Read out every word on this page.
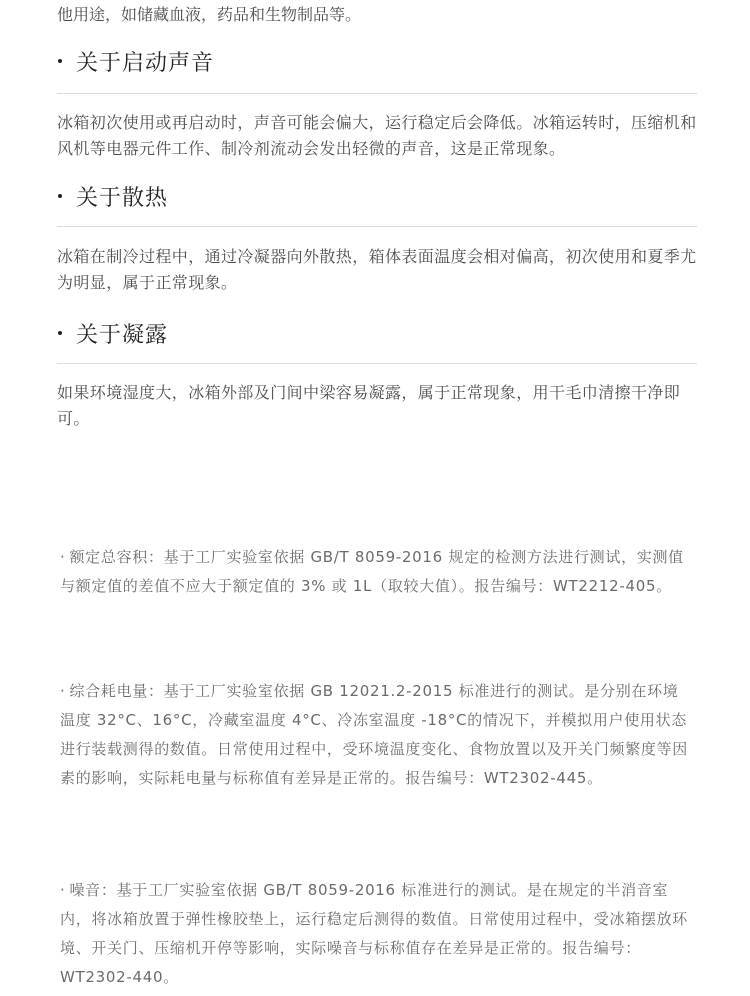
他用途，如储藏血液，药品和生物制品等。
关于启动声音
冰箱初次使用或再启动时，声音可能会偏大，运行稳定后会降低。冰箱运转时，压缩机和风机等电器元件工作、制冷剂流动会发出轻微的声音，这是正常现象。
关于散热
冰箱在制冷过程中，通过冷凝器向外散热，箱体表面温度会相对偏高，初次使用和夏季尤为明显，属于正常现象。
关于凝露
如果环境湿度大，冰箱外部及门间中梁容易凝露，属于正常现象，用干毛巾清擦干净即可。
· 额定总容积：基于工厂实验室依据 GB/T 8059-2016 规定的检测方法进行测试，实测值与额定值的差值不应大于额定值的 3% 或 1L（取较大值）。报告编号：WT2212-405。
· 综合耗电量：基于工厂实验室依据 GB 12021.2-2015 标准进行的测试。是分别在环境温度 32°C、16°C，冷藏室温度 4°C、冷冻室温度 -18°C的情况下，并模拟用户使用状态进行装载测得的数值。日常使用过程中，受环境温度变化、食物放置以及开关门频繁度等因素的影响，实际耗电量与标称值有差异是正常的。报告编号：WT2302-445。
· 噪音：基于工厂实验室依据 GB/T 8059-2016 标准进行的测试。是在规定的半消音室内，将冰箱放置于弹性橡胶垫上，运行稳定后测得的数值。日常使用过程中，受冰箱摆放环境、开关门、压缩机开停等影响，实际噪音与标称值存在差异是正常的。报告编号：WT2302-440。
